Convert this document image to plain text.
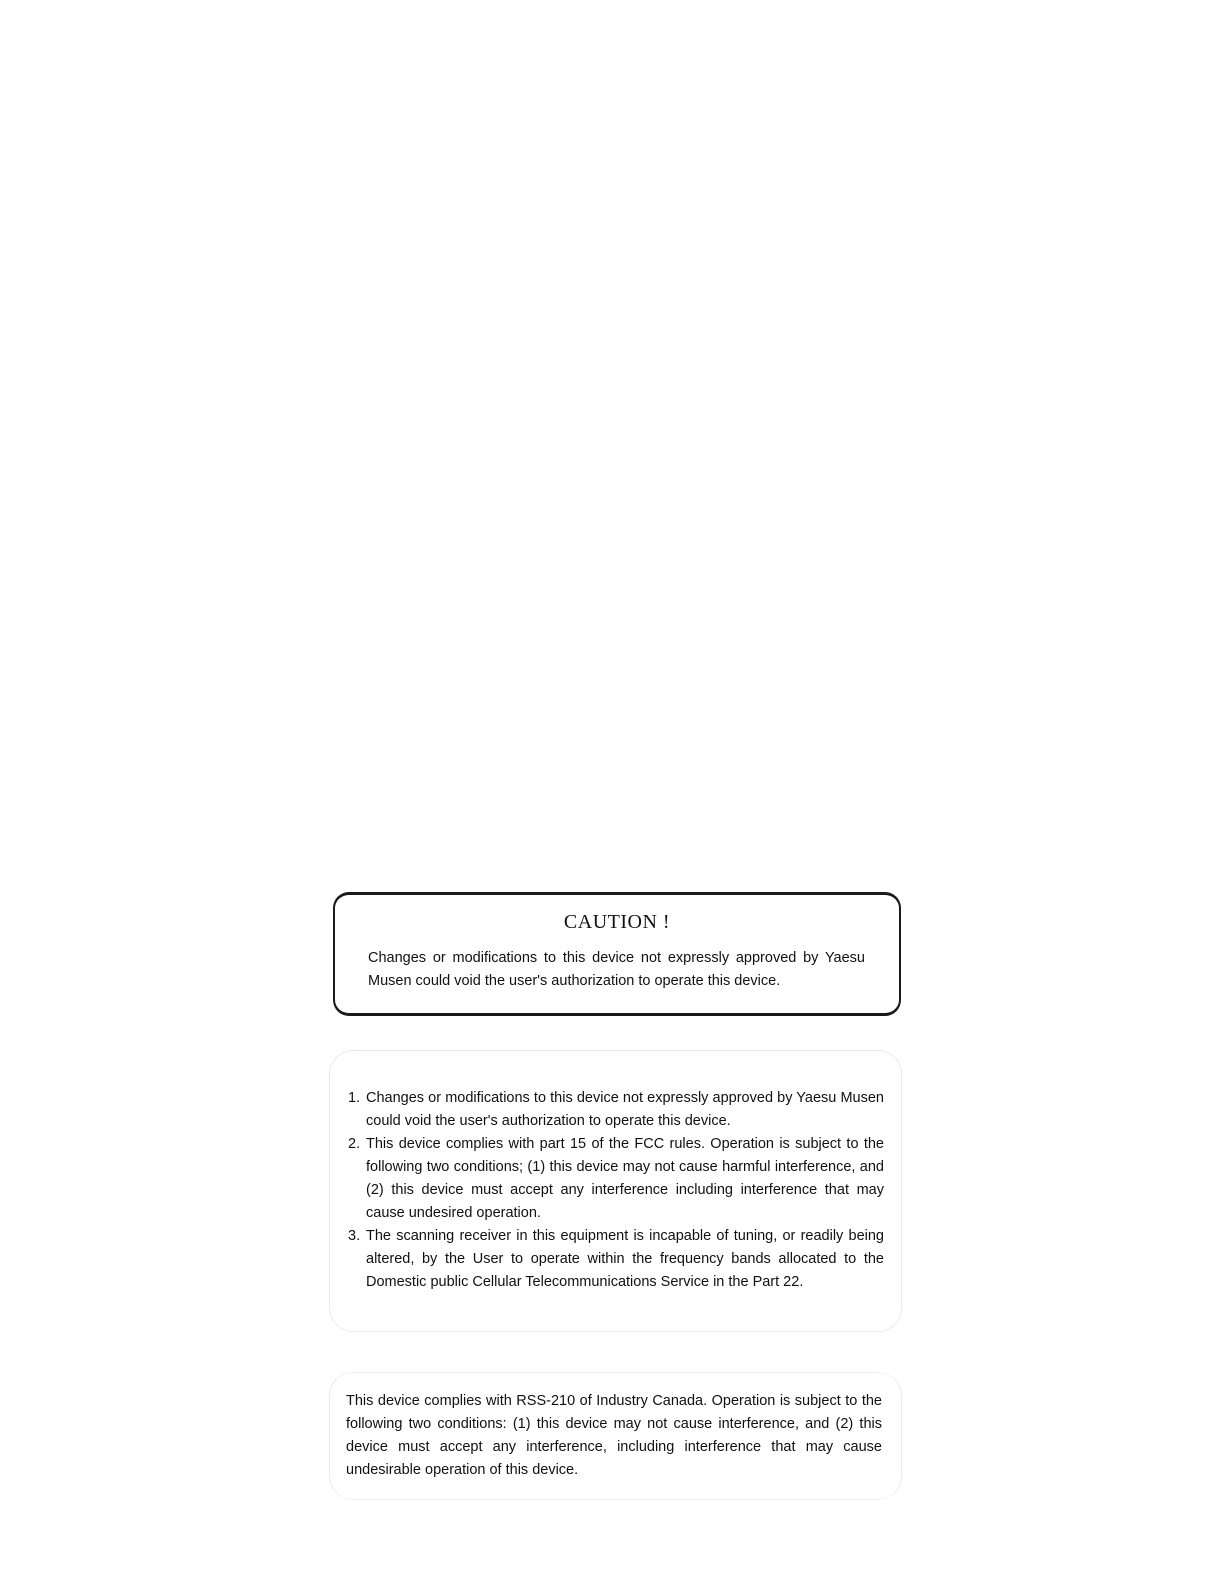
CAUTION !
Changes or modifications to this device not expressly approved by Yaesu Musen could void the user's authorization to operate this device.
1. Changes or modifications to this device not expressly approved by Yaesu Musen could void the user's authorization to operate this device.
2. This device complies with part 15 of the FCC rules. Operation is subject to the following two conditions; (1) this device may not cause harmful interference, and (2) this device must accept any interference including interference that may cause undesired operation.
3. The scanning receiver in this equipment is incapable of tuning, or readily being altered, by the User to operate within the frequency bands allocated to the Domestic public Cellular Telecommunications Service in the Part 22.

This device complies with RSS-210 of Industry Canada. Operation is subject to the following two conditions: (1) this device may not cause interference, and (2) this device must accept any interference, including interference that may cause undesirable operation of this device.
